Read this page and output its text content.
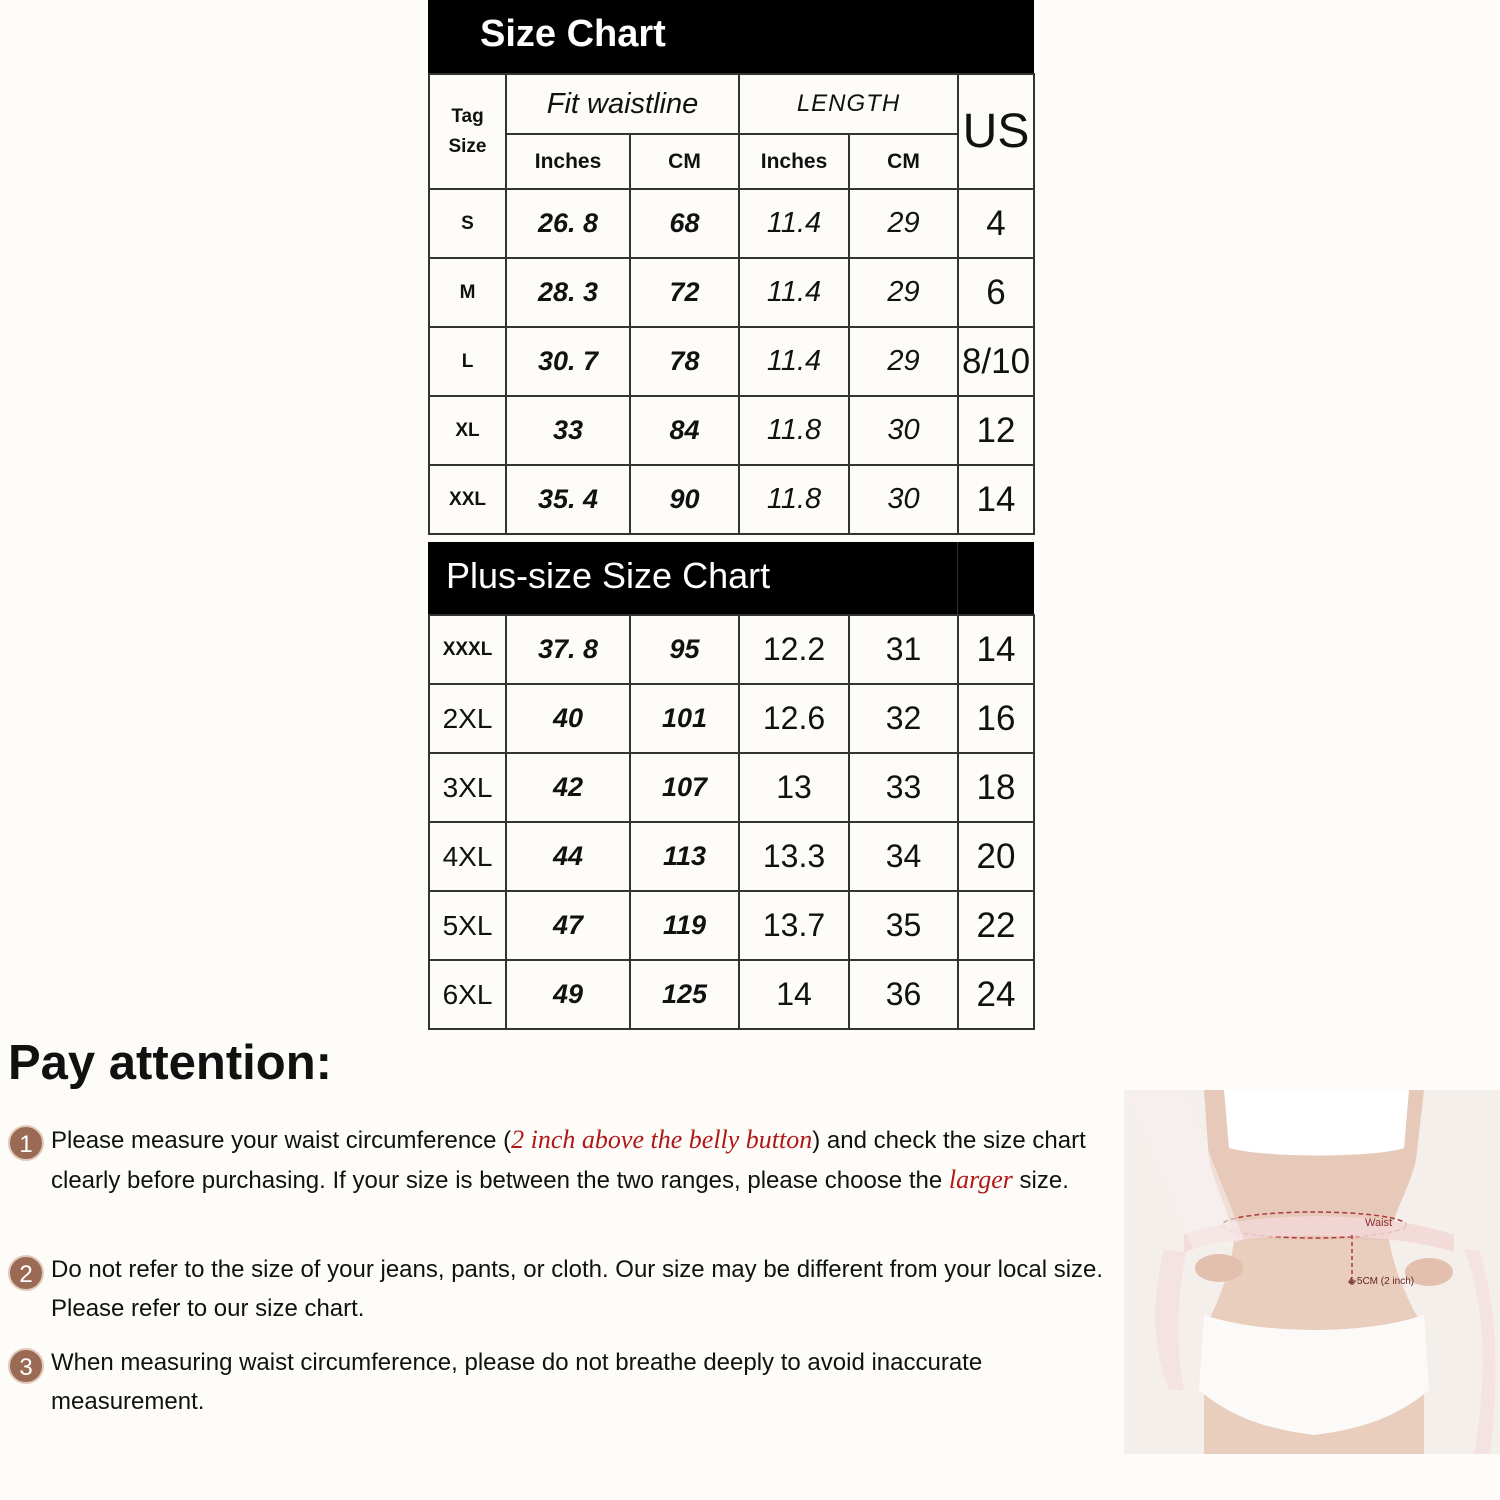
Size Chart
Tag Size	Fit waistline		LENGTH		US
	Inches	CM	Inches	CM	
S	26. 8	68	11.4	29	4
M	28. 3	72	11.4	29	6
L	30. 7	78	11.4	29	8/10
XL	33	84	11.8	30	12
XXL	35. 4	90	11.8	30	14
Plus-size Size Chart
XXXL	37. 8	95	12.2	31	14
2XL	40	101	12.6	32	16
3XL	42	107	13	33	18
4XL	44	113	13.3	34	20
5XL	47	119	13.7	35	22
6XL	49	125	14	36	24
Pay attention:
1 Please measure your waist circumference (2 inch above the belly button) and check the size chart clearly before purchasing. If your size is between the two ranges, please choose the larger size.
2 Do not refer to the size of your jeans, pants, or cloth. Our size may be different from your local size. Please refer to our size chart.
3 When measuring waist circumference, please do not breathe deeply to avoid inaccurate measurement.
Waist
4-5CM (2 inch)
